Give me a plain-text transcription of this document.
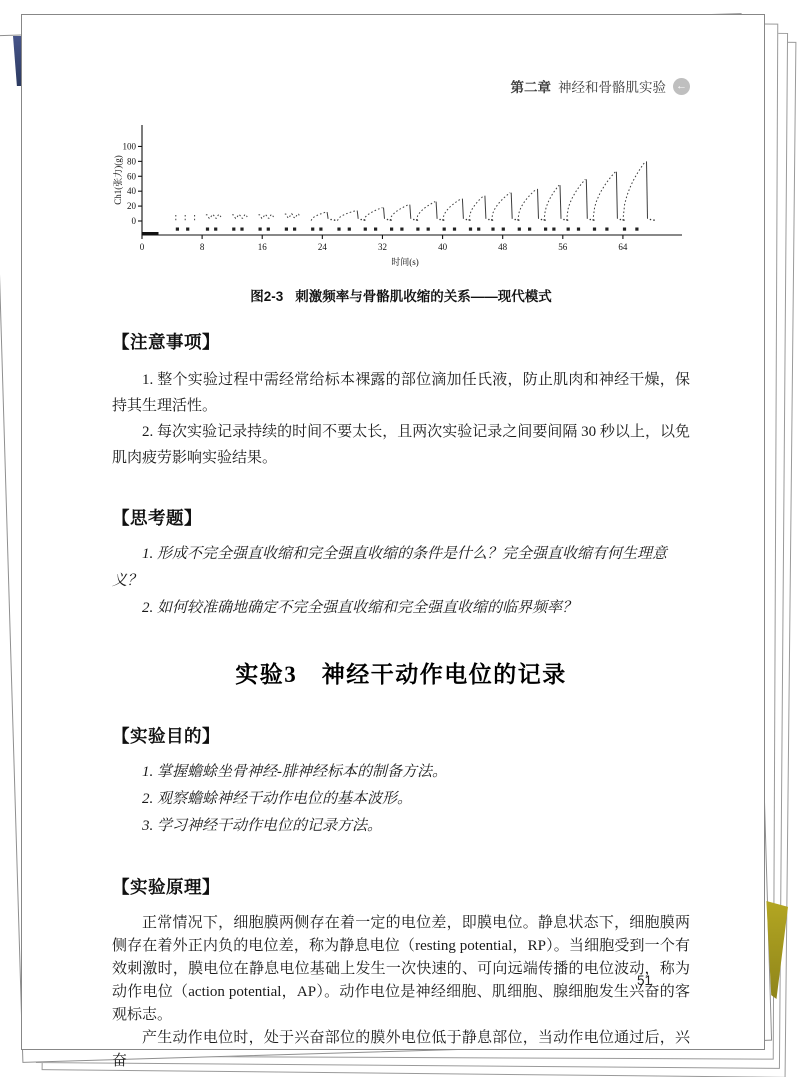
第二章 神经和骨骼肌实验 ←
0
20
40
60
80
100
0	8	16	24	32	40	48	56	64
时间(s)
Ch1(张力)(g)
图2-3 刺激频率与骨骼肌收缩的关系——现代模式
【注意事项】

1. 整个实验过程中需经常给标本裸露的部位滴加任氏液，防止肌肉和神经干燥，保持其生理活性。

2. 每次实验记录持续的时间不要太长，且两次实验记录之间要间隔 30 秒以上，以免肌肉疲劳影响实验结果。

【思考题】

1. 形成不完全强直收缩和完全强直收缩的条件是什么？完全强直收缩有何生理意义？

2. 如何较准确地确定不完全强直收缩和完全强直收缩的临界频率？

实验3　神经干动作电位的记录
【实验目的】

1. 掌握蟾蜍坐骨神经-腓神经标本的制备方法。

2. 观察蟾蜍神经干动作电位的基本波形。

3. 学习神经干动作电位的记录方法。

【实验原理】

正常情况下，细胞膜两侧存在着一定的电位差，即膜电位。静息状态下，细胞膜两侧存在着外正内负的电位差，称为静息电位（resting potential，RP）。当细胞受到一个有效刺激时，膜电位在静息电位基础上发生一次快速的、可向远端传播的电位波动，称为动作电位（action potential，AP）。动作电位是神经细胞、肌细胞、腺细胞发生兴奋的客观标志。

产生动作电位时，处于兴奋部位的膜外电位低于静息部位，当动作电位通过后，兴奋

51
